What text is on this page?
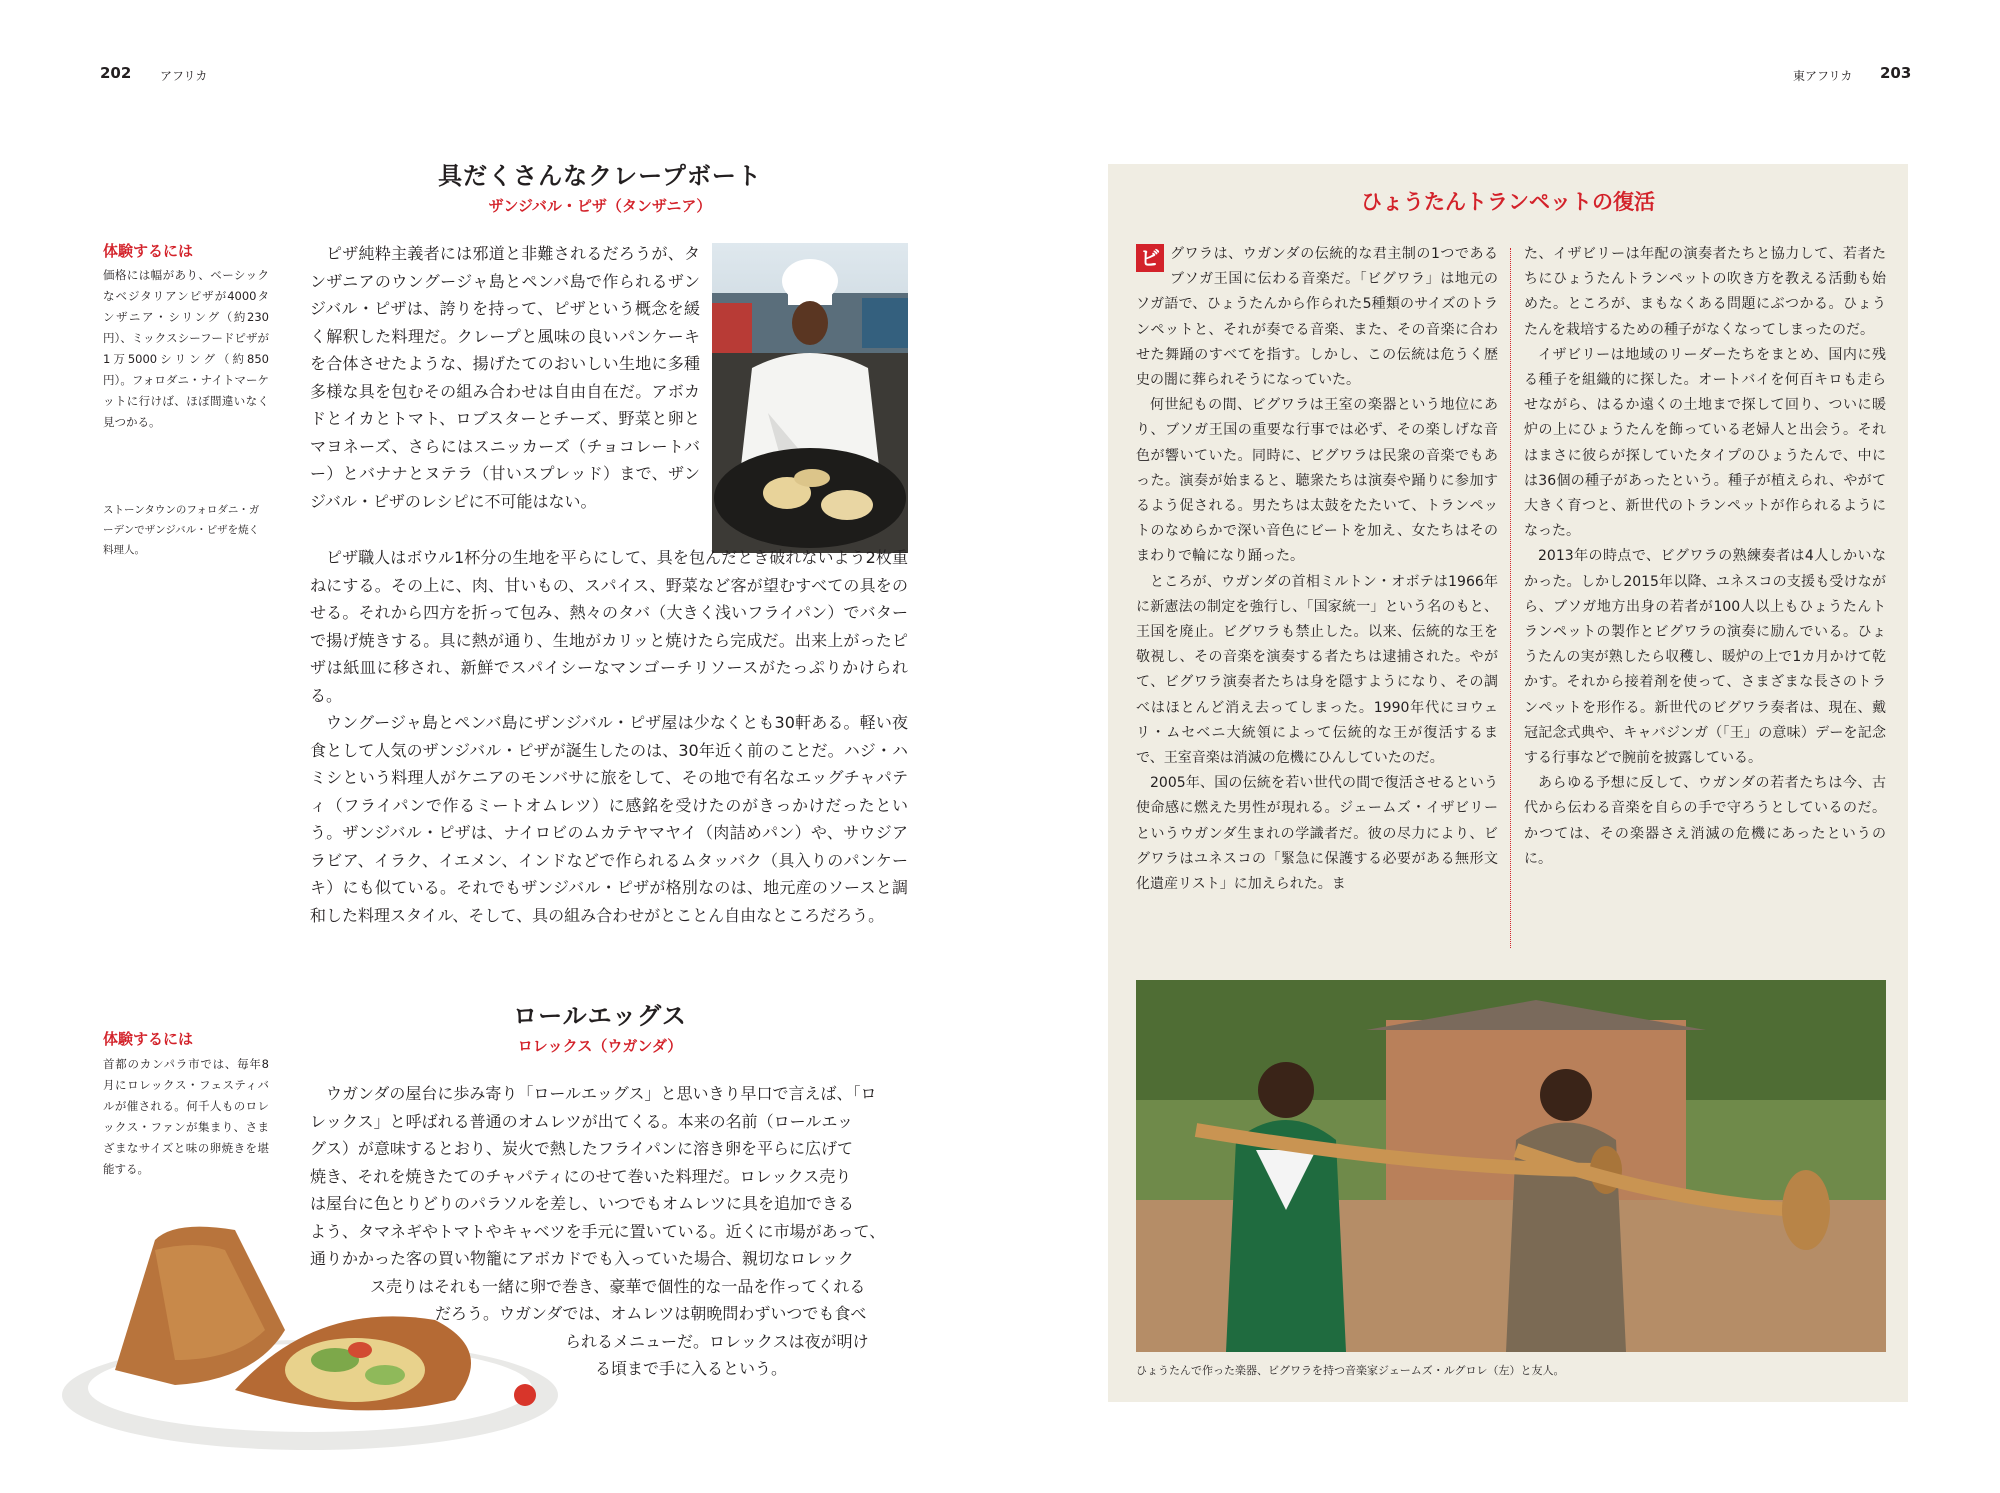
202 アフリカ
具だくさんなクレープボート
ザンジバル・ピザ（タンザニア）
体験するには
価格には幅があり、ベーシックなベジタリアンピザが4000タンザニア・シリング（約230円）、ミックスシーフードピザが1万5000シリング（約850円）。フォロダニ・ナイトマーケットに行けば、ほぼ間違いなく見つかる。
ストーンタウンのフォロダニ・ガーデンでザンジバル・ピザを焼く料理人。

ピザ純粋主義者には邪道と非難されるだろうが、タンザニアのウングージャ島とペンバ島で作られるザンジバル・ピザは、誇りを持って、ピザという概念を緩く解釈した料理だ。クレープと風味の良いパンケーキを合体させたような、揚げたてのおいしい生地に多種多様な具を包むその組み合わせは自由自在だ。アボカドとイカとトマト、ロブスターとチーズ、野菜と卵とマヨネーズ、さらにはスニッカーズ（チョコレートバー）とバナナとヌテラ（甘いスプレッド）まで、ザンジバル・ピザのレシピに不可能はない。

ピザ職人はボウル1杯分の生地を平らにして、具を包んだとき破れないよう2枚重ねにする。その上に、肉、甘いもの、スパイス、野菜など客が望むすべての具をのせる。それから四方を折って包み、熱々のタバ（大きく浅いフライパン）でバターで揚げ焼きする。具に熱が通り、生地がカリッと焼けたら完成だ。出来上がったピザは紙皿に移され、新鮮でスパイシーなマンゴーチリソースがたっぷりかけられる。

ウングージャ島とペンバ島にザンジバル・ピザ屋は少なくとも30軒ある。軽い夜食として人気のザンジバル・ピザが誕生したのは、30年近く前のことだ。ハジ・ハミシという料理人がケニアのモンバサに旅をして、その地で有名なエッグチャパティ（フライパンで作るミートオムレツ）に感銘を受けたのがきっかけだったという。ザンジバル・ピザは、ナイロビのムカテヤマヤイ（肉詰めパン）や、サウジアラビア、イラク、イエメン、インドなどで作られるムタッバク（具入りのパンケーキ）にも似ている。それでもザンジバル・ピザが格別なのは、地元産のソースと調和した料理スタイル、そして、具の組み合わせがとことん自由なところだろう。

ロールエッグス
ロレックス（ウガンダ）
体験するには
首都のカンパラ市では、毎年8月にロレックス・フェスティバルが催される。何千人ものロレックス・ファンが集まり、さまざまなサイズと味の卵焼きを堪能する。
ウガンダの屋台に歩み寄り「ロールエッグス」と思いきり早口で言えば、「ロ
レックス」と呼ばれる普通のオムレツが出てくる。本来の名前（ロールエッ
グス）が意味するとおり、炭火で熱したフライパンに溶き卵を平らに広げて
焼き、それを焼きたてのチャパティにのせて巻いた料理だ。ロレックス売り
は屋台に色とりどりのパラソルを差し、いつでもオムレツに具を追加できる
よう、タマネギやトマトやキャベツを手元に置いている。近くに市場があって、
通りかかった客の買い物籠にアボカドでも入っていた場合、親切なロレック
ス売りはそれも一緒に卵で巻き、豪華で個性的な一品を作ってくれる
だろう。ウガンダでは、オムレツは朝晩問わずいつでも食べ
られるメニューだ。ロレックスは夜が明け
る頃まで手に入るという。
東アフリカ 203
ひょうたんトランペットの復活

ビ グワラは、ウガンダの伝統的な君主制の1つであるブソガ王国に伝わる音楽だ。「ビグワラ」は地元のソガ語で、ひょうたんから作られた5種類のサイズのトランペットと、それが奏でる音楽、また、その音楽に合わせた舞踊のすべてを指す。しかし、この伝統は危うく歴史の闇に葬られそうになっていた。

何世紀もの間、ビグワラは王室の楽器という地位にあり、ブソガ王国の重要な行事では必ず、その楽しげな音色が響いていた。同時に、ビグワラは民衆の音楽でもあった。演奏が始まると、聴衆たちは演奏や踊りに参加するよう促される。男たちは太鼓をたたいて、トランペットのなめらかで深い音色にビートを加え、女たちはそのまわりで輪になり踊った。

ところが、ウガンダの首相ミルトン・オボテは1966年に新憲法の制定を強行し、「国家統一」という名のもと、王国を廃止。ビグワラも禁止した。以来、伝統的な王を敬視し、その音楽を演奏する者たちは逮捕された。やがて、ビグワラ演奏者たちは身を隠すようになり、その調べはほとんど消え去ってしまった。1990年代にヨウェリ・ムセベニ大統領によって伝統的な王が復活するまで、王室音楽は消滅の危機にひんしていたのだ。

2005年、国の伝統を若い世代の間で復活させるという使命感に燃えた男性が現れる。ジェームズ・イザビリーというウガンダ生まれの学識者だ。彼の尽力により、ビグワラはユネスコの「緊急に保護する必要がある無形文化遺産リスト」に加えられた。ま

た、イザビリーは年配の演奏者たちと協力して、若者たちにひょうたんトランペットの吹き方を教える活動も始めた。ところが、まもなくある問題にぶつかる。ひょうたんを栽培するための種子がなくなってしまったのだ。

イザビリーは地域のリーダーたちをまとめ、国内に残る種子を組織的に探した。オートバイを何百キロも走らせながら、はるか遠くの土地まで探して回り、ついに暖炉の上にひょうたんを飾っている老婦人と出会う。それはまさに彼らが探していたタイプのひょうたんで、中には36個の種子があったという。種子が植えられ、やがて大きく育つと、新世代のトランペットが作られるようになった。

2013年の時点で、ビグワラの熟練奏者は4人しかいなかった。しかし2015年以降、ユネスコの支援も受けながら、ブソガ地方出身の若者が100人以上もひょうたんトランペットの製作とビグワラの演奏に励んでいる。ひょうたんの実が熟したら収穫し、暖炉の上で1カ月かけて乾かす。それから接着剤を使って、さまざまな長さのトランペットを形作る。新世代のビグワラ奏者は、現在、戴冠記念式典や、キャバジンガ（「王」の意味）デーを記念する行事などで腕前を披露している。

あらゆる予想に反して、ウガンダの若者たちは今、古代から伝わる音楽を自らの手で守ろうとしているのだ。かつては、その楽器さえ消滅の危機にあったというのに。

ひょうたんで作った楽器、ビグワラを持つ音楽家ジェームズ・ルグロレ（左）と友人。
